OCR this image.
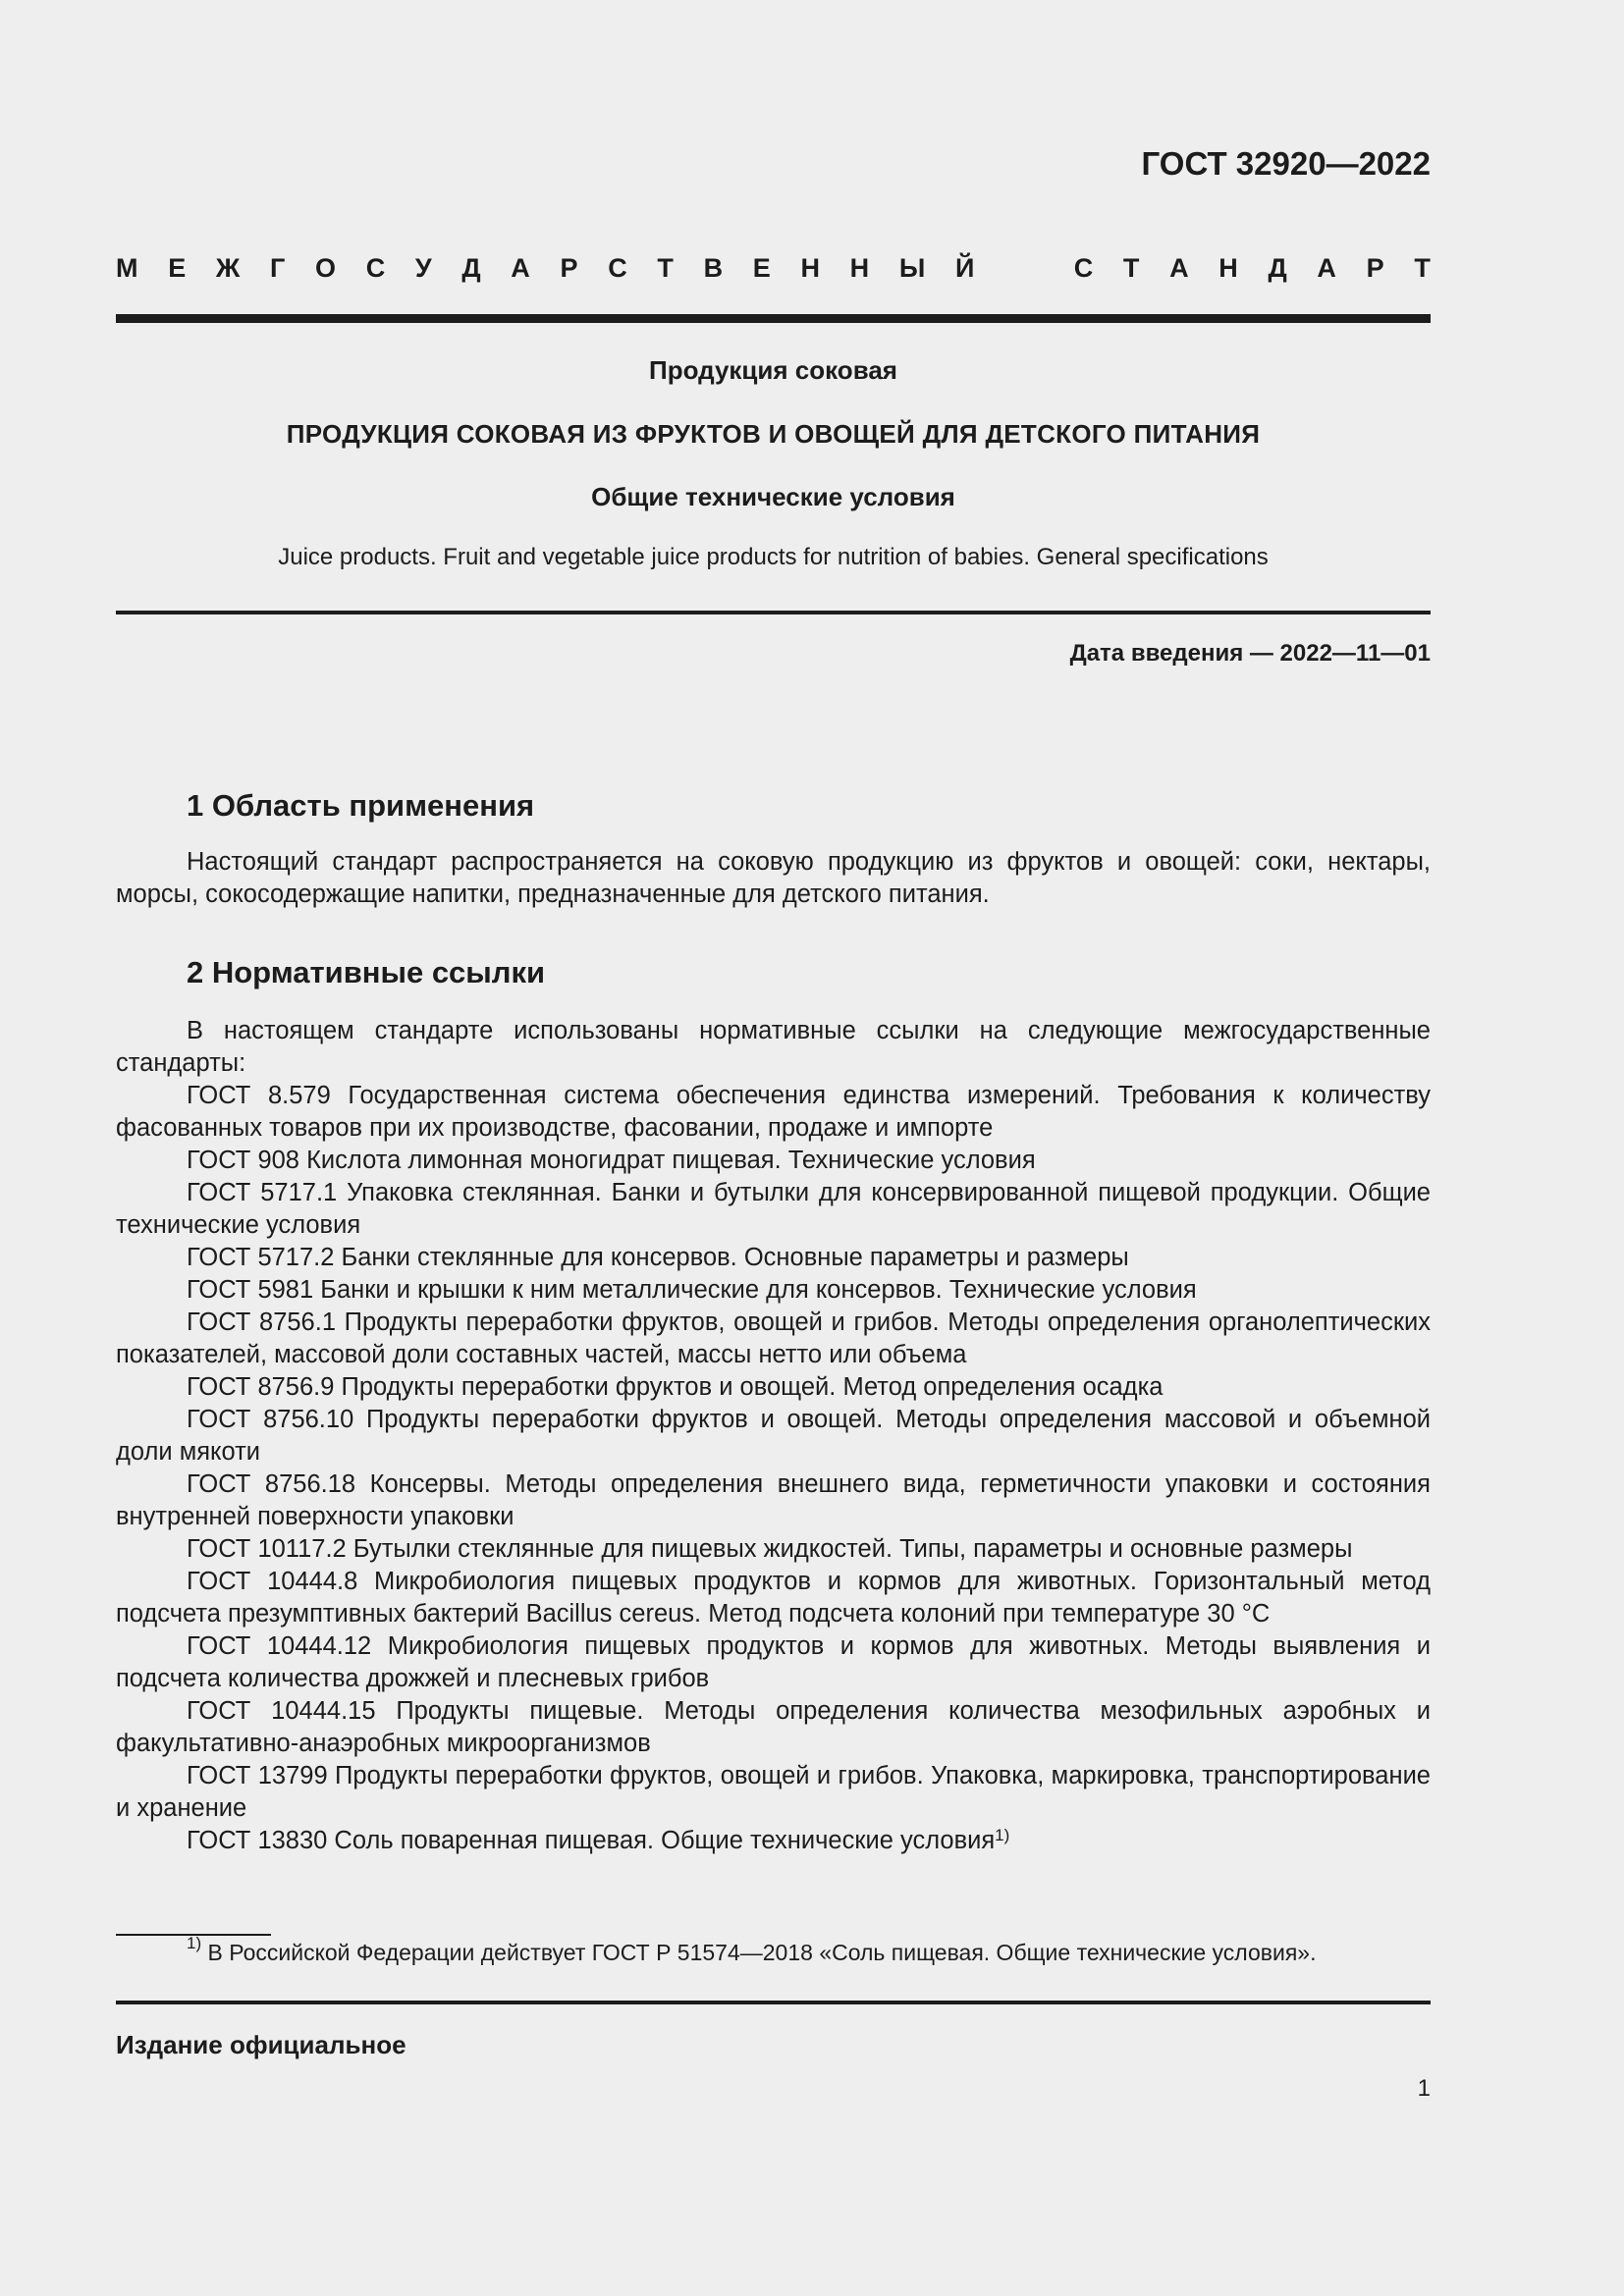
ГОСТ 32920—2022
М Е Ж Г О С У Д А Р С Т В Е Н Н Ы Й	С Т А Н Д А Р Т
Продукция соковая
ПРОДУКЦИЯ СОКОВАЯ ИЗ ФРУКТОВ И ОВОЩЕЙ ДЛЯ ДЕТСКОГО ПИТАНИЯ
Общие технические условия
Juice products. Fruit and vegetable juice products for nutrition of babies. General specifications
Дата введения — 2022—11—01
1 Область применения

Настоящий стандарт распространяется на соковую продукцию из фруктов и овощей: соки, нектары, морсы, сокосодержащие напитки, предназначенные для детского питания.

2 Нормативные ссылки

В настоящем стандарте использованы нормативные ссылки на следующие межгосударственные стандарты:

ГОСТ 8.579 Государственная система обеспечения единства измерений. Требования к количеству фасованных товаров при их производстве, фасовании, продаже и импорте

ГОСТ 908 Кислота лимонная моногидрат пищевая. Технические условия

ГОСТ 5717.1 Упаковка стеклянная. Банки и бутылки для консервированной пищевой продукции. Общие технические условия

ГОСТ 5717.2 Банки стеклянные для консервов. Основные параметры и размеры

ГОСТ 5981 Банки и крышки к ним металлические для консервов. Технические условия

ГОСТ 8756.1 Продукты переработки фруктов, овощей и грибов. Методы определения органолептических показателей, массовой доли составных частей, массы нетто или объема

ГОСТ 8756.9 Продукты переработки фруктов и овощей. Метод определения осадка

ГОСТ 8756.10 Продукты переработки фруктов и овощей. Методы определения массовой и объемной доли мякоти

ГОСТ 8756.18 Консервы. Методы определения внешнего вида, герметичности упаковки и состояния внутренней поверхности упаковки

ГОСТ 10117.2 Бутылки стеклянные для пищевых жидкостей. Типы, параметры и основные размеры

ГОСТ 10444.8 Микробиология пищевых продуктов и кормов для животных. Горизонтальный метод подсчета презумптивных бактерий Bacillus cereus. Метод подсчета колоний при температуре 30 °С

ГОСТ 10444.12 Микробиология пищевых продуктов и кормов для животных. Методы выявления и подсчета количества дрожжей и плесневых грибов

ГОСТ 10444.15 Продукты пищевые. Методы определения количества мезофильных аэробных и факультативно-анаэробных микроорганизмов

ГОСТ 13799 Продукты переработки фруктов, овощей и грибов. Упаковка, маркировка, транспортирование и хранение

ГОСТ 13830 Соль поваренная пищевая. Общие технические условия$^{1)}$

$^{1)}$ В Российской Федерации действует ГОСТ Р 51574—2018 «Соль пищевая. Общие технические условия».
Издание официальное
1
